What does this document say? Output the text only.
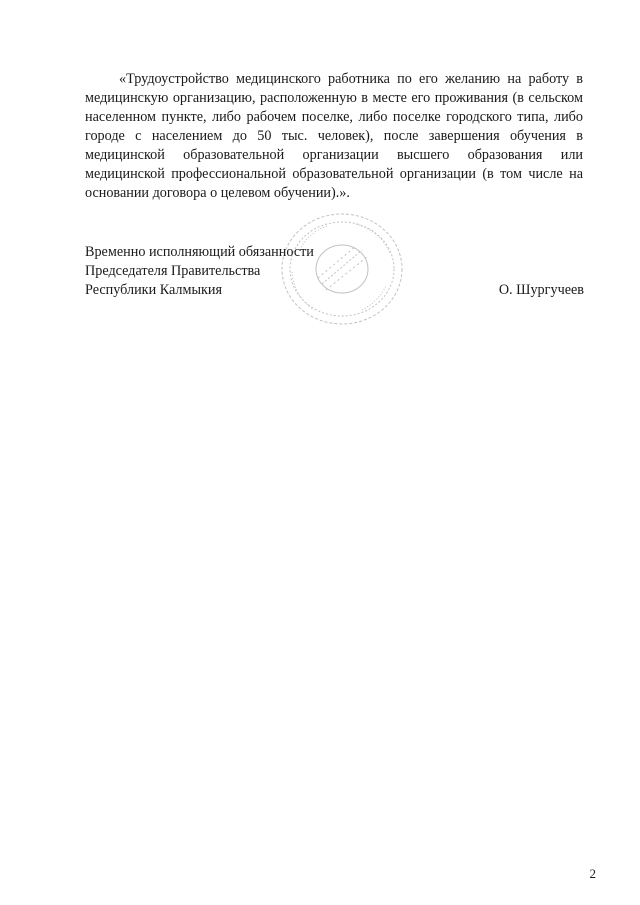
«Трудоустройство медицинского работника по его желанию на работу в медицинскую организацию, расположенную в месте его проживания (в сельском населенном пункте, либо рабочем поселке, либо поселке городского типа, либо городе с населением до 50 тыс. человек), после завершения обучения в медицинской образовательной организации высшего образования или медицинской профессиональной образовательной организации (в том числе на основании договора о целевом обучении).».

Временно исполняющий обязанности
Председателя Правительства
Республики Калмыкия	О. Шургучеев
2
